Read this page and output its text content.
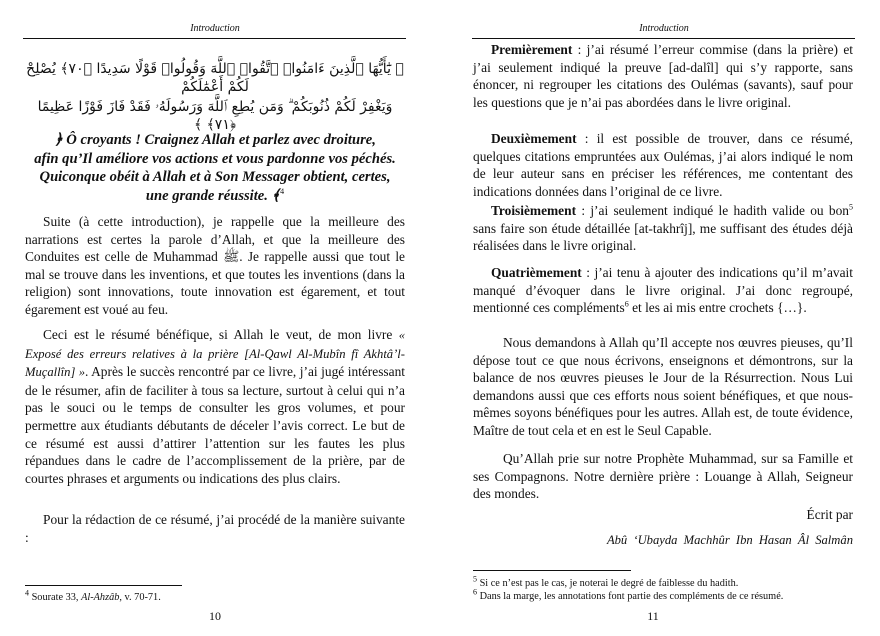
Introduction
﴿ يَٰٓأَيُّهَا ٱلَّذِينَ ءَامَنُوا۟ ٱتَّقُوا۟ ٱللَّهَ وَقُولُوا۟ قَوْلًا سَدِيدًا ﴿٧٠﴾ يُصْلِحْ لَكُمْ أَعْمَٰلَكُمْ
وَيَغْفِرْ لَكُمْ ذُنُوبَكُمْ ۗ وَمَن يُطِعِ ٱللَّهَ وَرَسُولَهُۥ فَقَدْ فَازَ فَوْزًا عَظِيمًا ﴿٧١﴾ ﴾
﴿ Ô croyants ! Craignez Allah et parlez avec droiture,
afin qu’Il améliore vos actions et vous pardonne vos péchés.
Quiconque obéit à Allah et à Son Messager obtient, certes,
une grande réussite. ﴾$^4$

Suite (à cette introduction), je rappelle que la meilleure des narrations est certes la parole d’Allah, et que la meilleure des Conduites est celle de Muhammad ﷺ. Je rappelle aussi que tout le mal se trouve dans les inventions, et que toutes les inventions (dans la religion) sont innovations, toute innovation est égarement, et tout égarement est voué au feu.

Ceci est le résumé bénéfique, si Allah le veut, de mon livre « Exposé des erreurs relatives à la prière [Al-Qawl Al-Mubîn fî Akhtâ’l-Muçallîn] ». Après le succès rencontré par ce livre, j’ai jugé intéressant de le résumer, afin de faciliter à tous sa lecture, surtout à celui qui n’a pas le souci ou le temps de consulter les gros volumes, et pour permettre aux étudiants débutants de déceler l’avis correct. Le but de ce résumé est aussi d’attirer l’attention sur les fautes les plus répandues dans le cadre de l’accomplissement de la prière, par de courtes phrases et arguments ou indications des plus clairs.

Pour la rédaction de ce résumé, j’ai procédé de la manière suivante :

$^4$ Sourate 33, Al-Ahzâb, v. 70-71.
10
Introduction

Premièrement : j’ai résumé l’erreur commise (dans la prière) et j’ai seulement indiqué la preuve [ad-dalîl] qui s’y rapporte, sans énoncer, ni regrouper les citations des Oulémas (savants), sauf pour les questions que je n’ai pas abordées dans le livre original.

Deuxièmement : il est possible de trouver, dans ce résumé, quelques citations empruntées aux Oulémas, j’ai alors indiqué le nom de leur auteur sans en préciser les références, me contentant des indications données dans l’original de ce livre.

Troisièmement : j’ai seulement indiqué le hadith valide ou bon$^5$ sans faire son étude détaillée [at-takhrîj], me suffisant des études déjà réalisées dans le livre original.

Quatrièmement : j’ai tenu à ajouter des indications qu’il m’avait manqué d’évoquer dans le livre original. J’ai donc regroupé, mentionné ces compléments$^6$ et les ai mis entre crochets {…}.

Nous demandons à Allah qu’Il accepte nos œuvres pieuses, qu’Il dépose tout ce que nous écrivons, enseignons et démontrons, sur la balance de nos œuvres pieuses le Jour de la Résurrection. Nous Lui demandons aussi que ces efforts nous soient bénéfiques, et que nous-mêmes soyons bénéfiques pour les autres. Allah est, de toute évidence, Maître de tout cela et en est le Seul Capable.

Qu’Allah prie sur notre Prophète Muhammad, sur sa Famille et ses Compagnons. Notre dernière prière : Louange à Allah, Seigneur des mondes.

Écrit par
Abû ‘Ubayda Machhûr Ibn Hasan Âl Salmân
$^5$ Si ce n’est pas le cas, je noterai le degré de faiblesse du hadith.
$^6$ Dans la marge, les annotations font partie des compléments de ce résumé.
11
